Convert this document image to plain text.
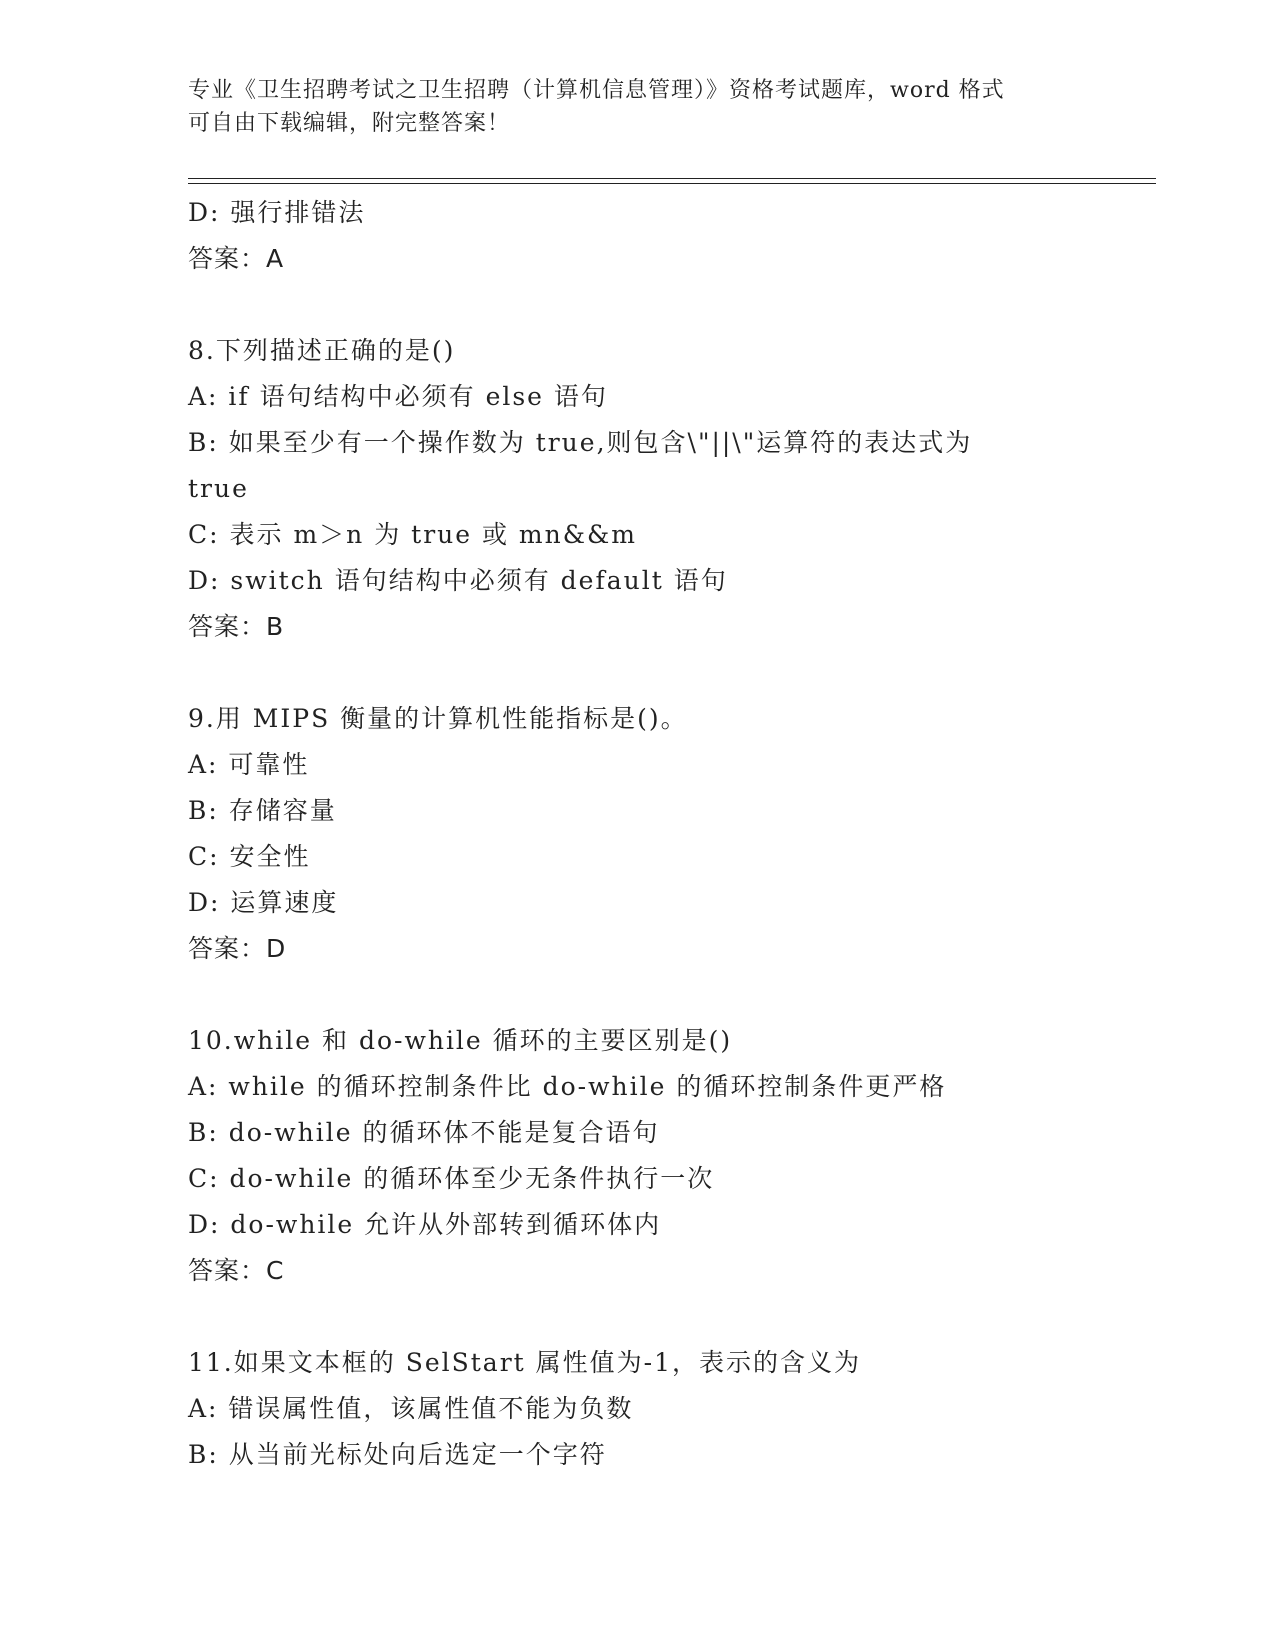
专业《卫生招聘考试之卫生招聘（计算机信息管理）》资格考试题库，word 格式
可自由下载编辑，附完整答案！
D: 强行排错法
答案：A
8.下列描述正确的是()
A: if 语句结构中必须有 else 语句
B: 如果至少有一个操作数为 true,则包含\"||\"运算符的表达式为
true
C: 表示 m＞n 为 true 或 mn&&m
D: switch 语句结构中必须有 default 语句
答案：B
9.用 MIPS 衡量的计算机性能指标是()。
A: 可靠性
B: 存储容量
C: 安全性
D: 运算速度
答案：D
10.while 和 do-while 循环的主要区别是()
A: while 的循环控制条件比 do-while 的循环控制条件更严格
B: do-while 的循环体不能是复合语句
C: do-while 的循环体至少无条件执行一次
D: do-while 允许从外部转到循环体内
答案：C
11.如果文本框的 SelStart 属性值为-1，表示的含义为
A: 错误属性值，该属性值不能为负数
B: 从当前光标处向后选定一个字符
